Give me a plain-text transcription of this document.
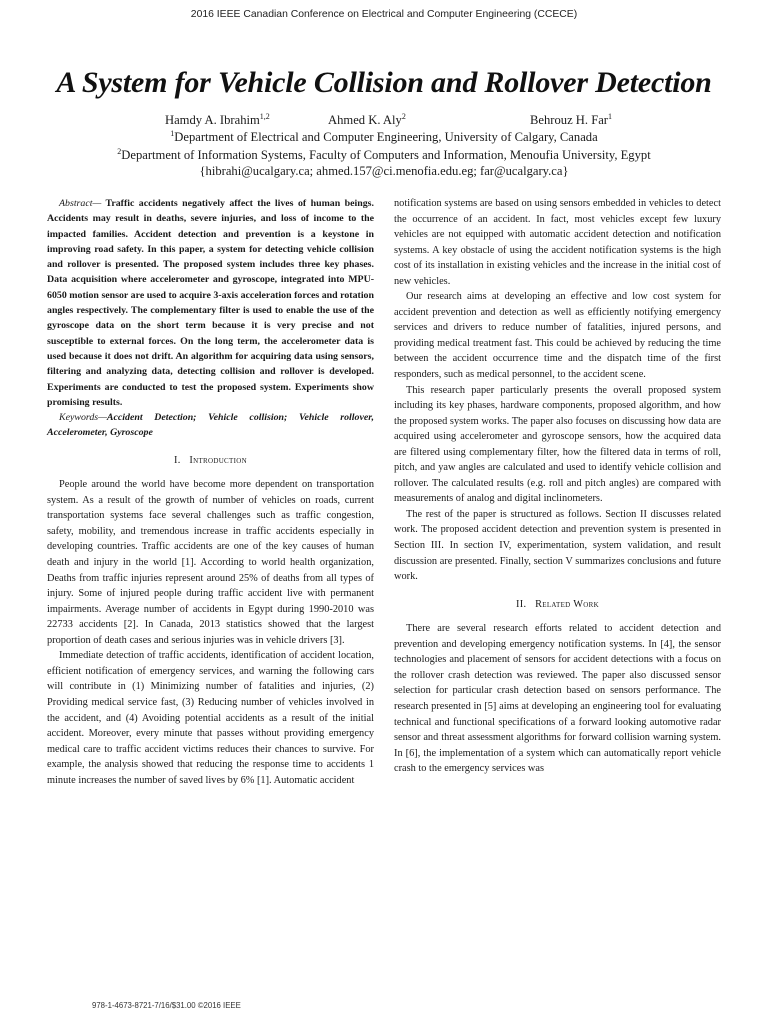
2016 IEEE Canadian Conference on Electrical and Computer Engineering (CCECE)
A System for Vehicle Collision and Rollover Detection
Hamdy A. Ibrahim$^{1,2}$	Ahmed K. Aly$^2$	Behrouz H. Far$^1$
$^1$Department of Electrical and Computer Engineering, University of Calgary, Canada
$^2$Department of Information Systems, Faculty of Computers and Information, Menoufia University, Egypt
{hibrahi@ucalgary.ca; ahmed.157@ci.menofia.edu.eg; far@ucalgary.ca}

Abstract— Traffic accidents negatively affect the lives of human beings. Accidents may result in deaths, severe injuries, and loss of income to the impacted families. Accident detection and prevention is a keystone in improving road safety. In this paper, a system for detecting vehicle collision and rollover is presented. The proposed system includes three key phases. Data acquisition where accelerometer and gyroscope, integrated into MPU-6050 motion sensor are used to acquire 3-axis acceleration forces and rotation angles respectively. The complementary filter is used to enable the use of the gyroscope data on the short term because it is very precise and not susceptible to external forces. On the long term, the accelerometer data is used because it does not drift. An algorithm for acquiring data using sensors, filtering and analyzing data, detecting collision and rollover is developed. Experiments are conducted to test the proposed system. Experiments show promising results.

Keywords—Accident Detection; Vehicle collision; Vehicle rollover, Accelerometer, Gyroscope

I. Introduction

People around the world have become more dependent on transportation system. As a result of the growth of number of vehicles on roads, current transportation systems face several challenges such as traffic congestion, safety, mobility, and tremendous increase in traffic accidents especially in developing countries. Traffic accidents are one of the key causes of human death and injury in the world [1]. According to world health organization, Deaths from traffic injuries represent around 25% of deaths from all types of injury. Some of injured people during traffic accident live with permanent impairments. Average number of accidents in Egypt during 1990-2010 was 22733 accidents [2]. In Canada, 2013 statistics showed that the largest proportion of death cases and serious injuries was in vehicle drivers [3].

Immediate detection of traffic accidents, identification of accident location, efficient notification of emergency services, and warning the following cars will contribute in (1) Minimizing number of fatalities and injuries, (2) Providing medical service fast, (3) Reducing number of vehicles involved in the accident, and (4) Avoiding potential accidents as a result of the initial accident. Moreover, every minute that passes without providing emergency medical care to traffic accident victims reduces their chances to survive. For example, the analysis showed that reducing the response time to accidents 1 minute increases the number of saved lives by 6% [1]. Automatic accident

notification systems are based on using sensors embedded in vehicles to detect the occurrence of an accident. In fact, most vehicles except few luxury vehicles are not equipped with automatic accident detection and notification systems. A key obstacle of using the accident notification systems is the high cost of its installation in existing vehicles and the increase in the initial cost of new vehicles.

Our research aims at developing an effective and low cost system for accident prevention and detection as well as efficiently notifying emergency services and drivers to reduce number of fatalities, injured persons, and providing medical treatment fast. This could be achieved by reducing the time between the accident occurrence time and the dispatch time of the first responders, such as medical personnel, to the accident scene.

This research paper particularly presents the overall proposed system including its key phases, hardware components, proposed algorithm, and how the proposed system works. The paper also focuses on discussing how data are acquired using accelerometer and gyroscope sensors, how the acquired data are filtered using complementary filter, how the filtered data in terms of roll, pitch, and yaw angles are calculated and used to identify vehicle collision and rollover. The calculated results (e.g. roll and pitch angles) are compared with measurements of analog and digital inclinometers.

The rest of the paper is structured as follows. Section II discusses related work. The proposed accident detection and prevention system is presented in Section III. In section IV, experimentation, system validation, and result discussion are presented. Finally, section V summarizes conclusions and future work.

II. Related Work

There are several research efforts related to accident detection and prevention and developing emergency notification systems. In [4], the sensor technologies and placement of sensors for accident detections with a focus on the rollover crash detection was reviewed. The paper also discussed sensor selection for particular crash detection based on sensors performance. The research presented in [5] aims at developing an engineering tool for evaluating technical and functional specifications of a forward looking automotive radar sensor and threat assessment algorithms for forward collision warning system. In [6], the implementation of a system which can automatically report vehicle crash to the emergency services was

978-1-4673-8721-7/16/$31.00 ©2016 IEEE
